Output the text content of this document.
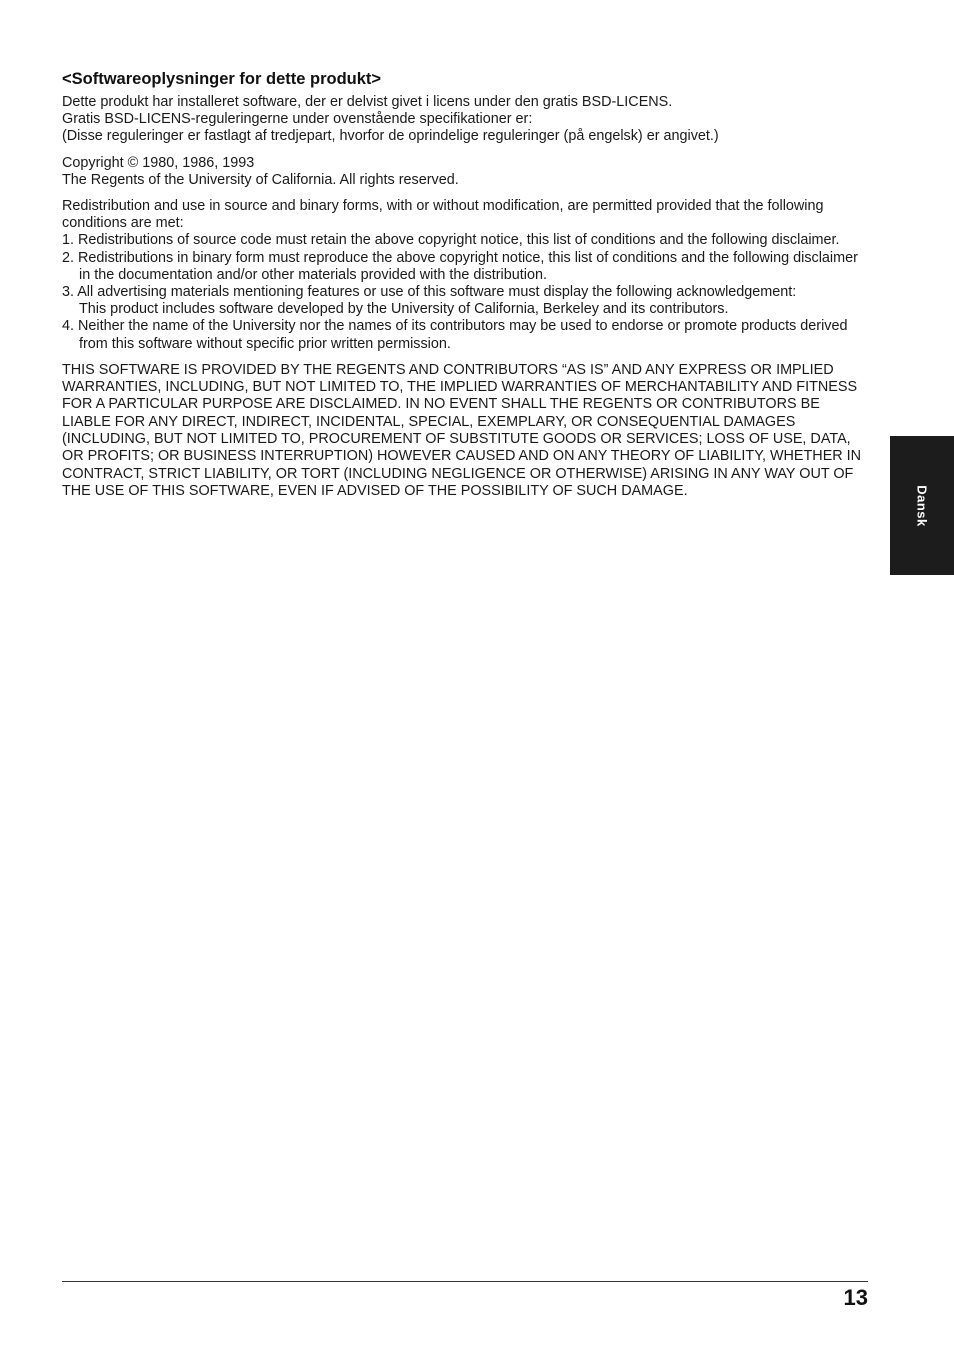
<Softwareoplysninger for dette produkt>

Dette produkt har installeret software, der er delvist givet i licens under den gratis BSD-LICENS.
Gratis BSD-LICENS-reguleringerne under ovenstående specifikationer er:
(Disse reguleringer er fastlagt af tredjepart, hvorfor de oprindelige reguleringer (på engelsk) er angivet.)

Copyright © 1980, 1986, 1993
The Regents of the University of California. All rights reserved.

Redistribution and use in source and binary forms, with or without modification, are permitted provided that the following conditions are met:

1. Redistributions of source code must retain the above copyright notice, this list of conditions and the following disclaimer.
2. Redistributions in binary form must reproduce the above copyright notice, this list of conditions and the following disclaimer in the documentation and/or other materials provided with the distribution.
3. All advertising materials mentioning features or use of this software must display the following acknowledgement:
This product includes software developed by the University of California, Berkeley and its contributors.
4. Neither the name of the University nor the names of its contributors may be used to endorse or promote products derived from this software without specific prior written permission.

THIS SOFTWARE IS PROVIDED BY THE REGENTS AND CONTRIBUTORS “AS IS” AND ANY EXPRESS OR IMPLIED WARRANTIES, INCLUDING, BUT NOT LIMITED TO, THE IMPLIED WARRANTIES OF MERCHANTABILITY AND FITNESS FOR A PARTICULAR PURPOSE ARE DISCLAIMED. IN NO EVENT SHALL THE REGENTS OR CONTRIBUTORS BE LIABLE FOR ANY DIRECT, INDIRECT, INCIDENTAL, SPECIAL, EXEMPLARY, OR CONSEQUENTIAL DAMAGES (INCLUDING, BUT NOT LIMITED TO, PROCUREMENT OF SUBSTITUTE GOODS OR SERVICES; LOSS OF USE, DATA, OR PROFITS; OR BUSINESS INTERRUPTION) HOWEVER CAUSED AND ON ANY THEORY OF LIABILITY, WHETHER IN CONTRACT, STRICT LIABILITY, OR TORT (INCLUDING NEGLIGENCE OR OTHERWISE) ARISING IN ANY WAY OUT OF THE USE OF THIS SOFTWARE, EVEN IF ADVISED OF THE POSSIBILITY OF SUCH DAMAGE.	Dansk
13
